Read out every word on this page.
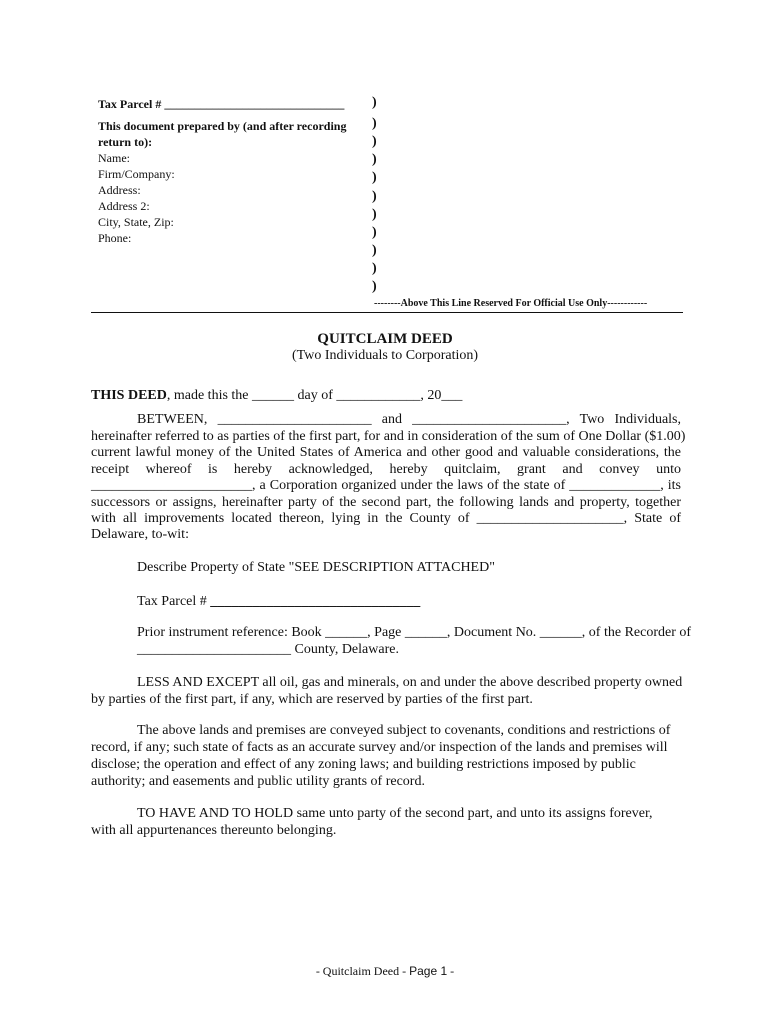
Tax Parcel # ______________________________
This document prepared by (and after recording
return to):
Name:
Firm/Company:
Address:
Address 2:
City, State, Zip:
Phone:
)
)
)
)
)
)
)
)
)
)
)
--------Above This Line Reserved For Official Use Only------------
QUITCLAIM DEED
(Two Individuals to Corporation)
THIS DEED, made this the ______ day of ____________, 20___
BETWEEN, ______________________ and ______________________, Two Individuals,
hereinafter referred to as parties of the first part, for and in consideration of the sum of One Dollar ($1.00)
current lawful money of the United States of America and other good and valuable considerations, the
receipt whereof is hereby acknowledged, hereby quitclaim, grant and convey unto
_______________________, a Corporation organized under the laws of the state of _____________, its
successors or assigns, hereinafter party of the second part, the following lands and property, together
with all improvements located thereon, lying in the County of _____________________, State of
Delaware, to-wit:
Describe Property of State "SEE DESCRIPTION ATTACHED"
Tax Parcel # ______________________________
Prior instrument reference: Book ______, Page ______, Document No. ______, of the Recorder of
______________________ County, Delaware.
LESS AND EXCEPT all oil, gas and minerals, on and under the above described property owned
by parties of the first part, if any, which are reserved by parties of the first part.
The above lands and premises are conveyed subject to covenants, conditions and restrictions of
record, if any; such state of facts as an accurate survey and/or inspection of the lands and premises will
disclose; the operation and effect of any zoning laws; and building restrictions imposed by public
authority; and easements and public utility grants of record.
TO HAVE AND TO HOLD same unto party of the second part, and unto its assigns forever,
with all appurtenances thereunto belonging.
- Quitclaim Deed - Page 1 -
